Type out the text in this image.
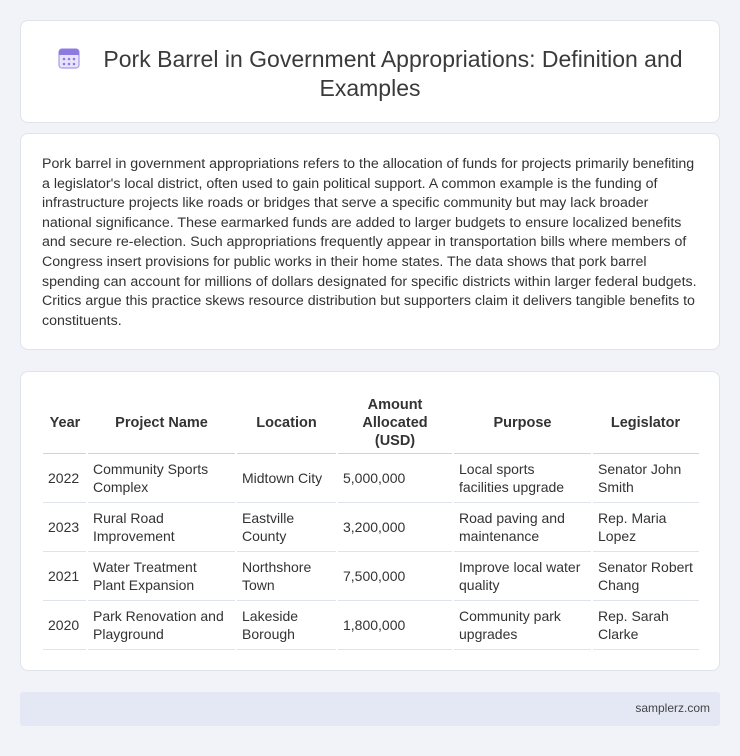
Pork Barrel in Government Appropriations: Definition and Examples

Pork barrel in government appropriations refers to the allocation of funds for projects primarily benefiting a legislator's local district, often used to gain political support. A common example is the funding of infrastructure projects like roads or bridges that serve a specific community but may lack broader national significance. These earmarked funds are added to larger budgets to ensure localized benefits and secure re-election. Such appropriations frequently appear in transportation bills where members of Congress insert provisions for public works in their home states. The data shows that pork barrel spending can account for millions of dollars designated for specific districts within larger federal budgets. Critics argue this practice skews resource distribution but supporters claim it delivers tangible benefits to constituents.

Year	Project Name	Location	Amount Allocated (USD)	Purpose	Legislator
2022	Community Sports Complex	Midtown City	5,000,000	Local sports facilities upgrade	Senator John Smith
2023	Rural Road Improvement	Eastville County	3,200,000	Road paving and maintenance	Rep. Maria Lopez
2021	Water Treatment Plant Expansion	Northshore Town	7,500,000	Improve local water quality	Senator Robert Chang
2020	Park Renovation and Playground	Lakeside Borough	1,800,000	Community park upgrades	Rep. Sarah Clarke
samplerz.com
